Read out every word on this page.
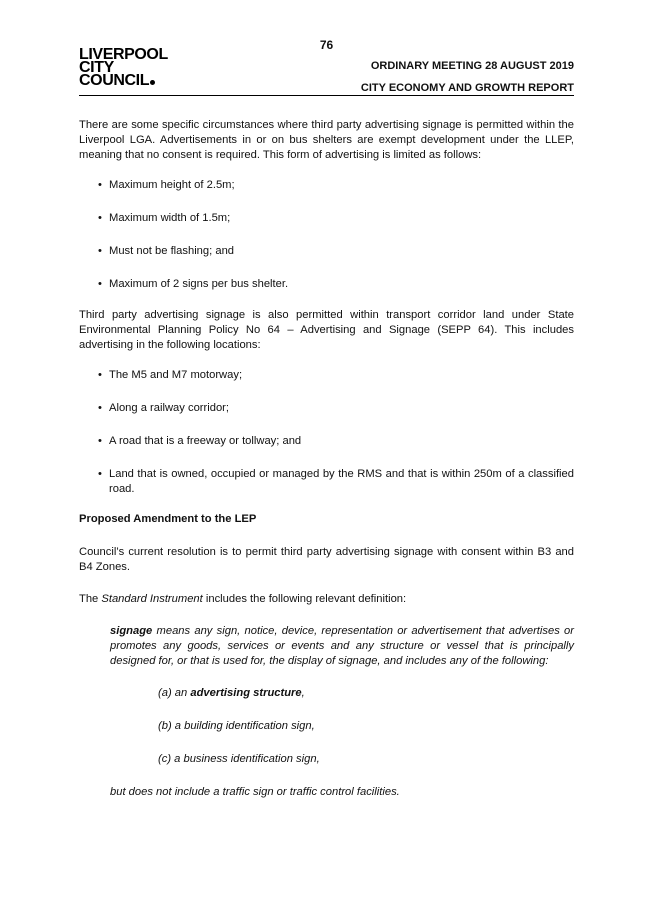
76
LIVERPOOL
CITY
COUNCIL
ORDINARY MEETING 28 AUGUST 2019
CITY ECONOMY AND GROWTH REPORT

There are some specific circumstances where third party advertising signage is permitted within the Liverpool LGA. Advertisements in or on bus shelters are exempt development under the LLEP, meaning that no consent is required. This form of advertising is limited as follows:

• Maximum height of 2.5m;
• Maximum width of 1.5m;
• Must not be flashing; and
• Maximum of 2 signs per bus shelter.

Third party advertising signage is also permitted within transport corridor land under State Environmental Planning Policy No 64 – Advertising and Signage (SEPP 64). This includes advertising in the following locations:

• The M5 and M7 motorway;
• Along a railway corridor;
• A road that is a freeway or tollway; and
• Land that is owned, occupied or managed by the RMS and that is within 250m of a classified road.

Proposed Amendment to the LEP

Council’s current resolution is to permit third party advertising signage with consent within B3 and B4 Zones.

The Standard Instrument includes the following relevant definition:

signage means any sign, notice, device, representation or advertisement that advertises or promotes any goods, services or events and any structure or vessel that is principally designed for, or that is used for, the display of signage, and includes any of the following:

(a) an advertising structure,

(b) a building identification sign,

(c) a business identification sign,

but does not include a traffic sign or traffic control facilities.
